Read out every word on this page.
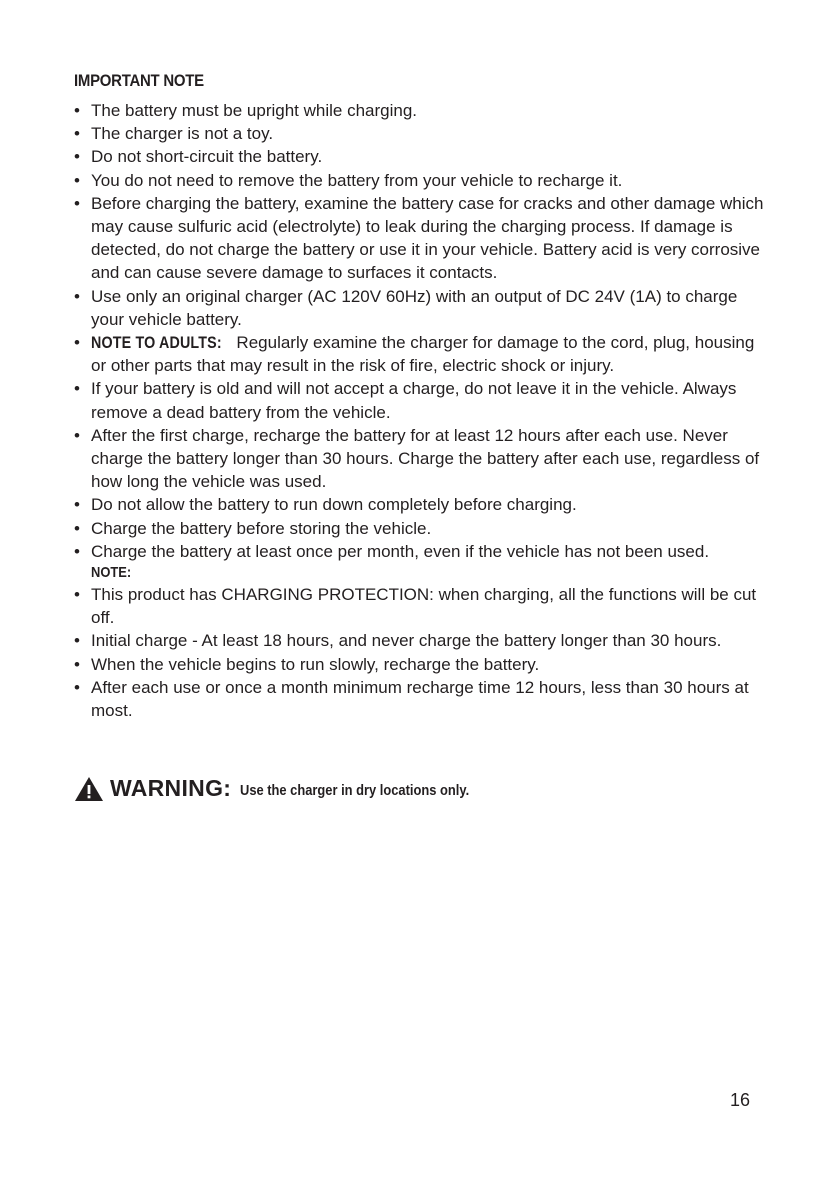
IMPORTANT NOTE
• The battery must be upright while charging.
• The charger is not a toy.
• Do not short-circuit the battery.
• You do not need to remove the battery from your vehicle to recharge it.
• Before charging the battery, examine the battery case for cracks and other damage which may cause sulfuric acid (electrolyte) to leak during the charging process. If damage is detected, do not charge the battery or use it in your vehicle. Battery acid is very corrosive and can cause severe damage to surfaces it contacts.
• Use only an original charger (AC 120V 60Hz) with an output of DC 24V (1A) to charge your vehicle battery.
• NOTE TO ADULTS: Regularly examine the charger for damage to the cord, plug, housing or other parts that may result in the risk of fire, electric shock or injury.
• If your battery is old and will not accept a charge, do not leave it in the vehicle. Always remove a dead battery from the vehicle.
• After the first charge, recharge the battery for at least 12 hours after each use. Never charge the battery longer than 30 hours. Charge the battery after each use, regardless of how long the vehicle was used.
• Do not allow the battery to run down completely before charging.
• Charge the battery before storing the vehicle.
• Charge the battery at least once per month, even if the vehicle has not been used.
NOTE:
• This product has CHARGING PROTECTION: when charging, all the functions will be cut off.
• Initial charge - At least 18 hours, and never charge the battery longer than 30 hours.
• When the vehicle begins to run slowly, recharge the battery.
• After each use or once a month minimum recharge time 12 hours, less than 30 hours at most.
WARNING: Use the charger in dry locations only.
16
